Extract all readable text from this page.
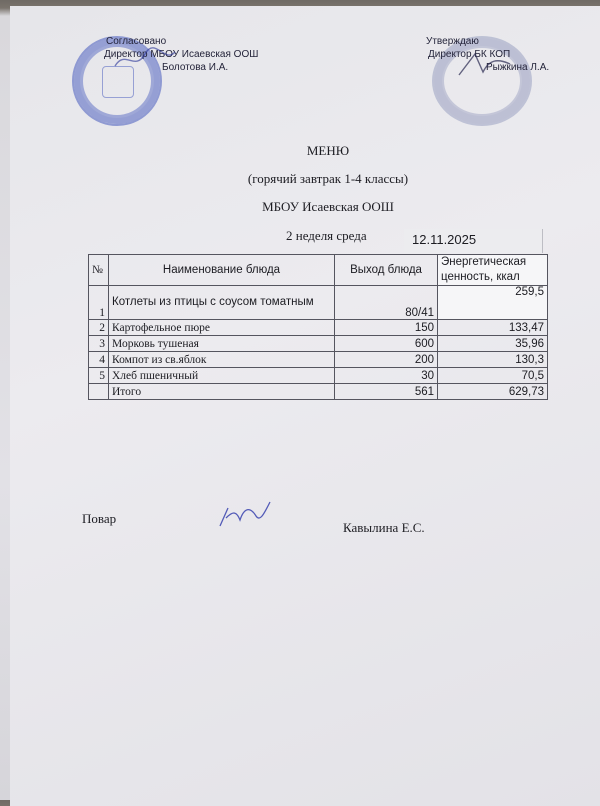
Согласовано
Директор МБОУ Исаевская ООШ
Болотова И.А.
Утверждаю
Директор БК КОП
Рыжкина Л.А.
МЕНЮ
(горячий завтрак 1-4 классы)
МБОУ Исаевская ООШ
2 неделя среда	12.11.2025
№	Наименование блюда	Выход блюда	Энергетическая ценность, ккал
1	Котлеты из птицы с соусом томатным	80/41	259,5
2	Картофельное пюре	150	133,47
3	Морковь тушеная	600	35,96
4	Компот из св.яблок	200	130,3
5	Хлеб пшеничный	30	70,5
	Итого	561	629,73
Повар
Кавылина Е.С.
